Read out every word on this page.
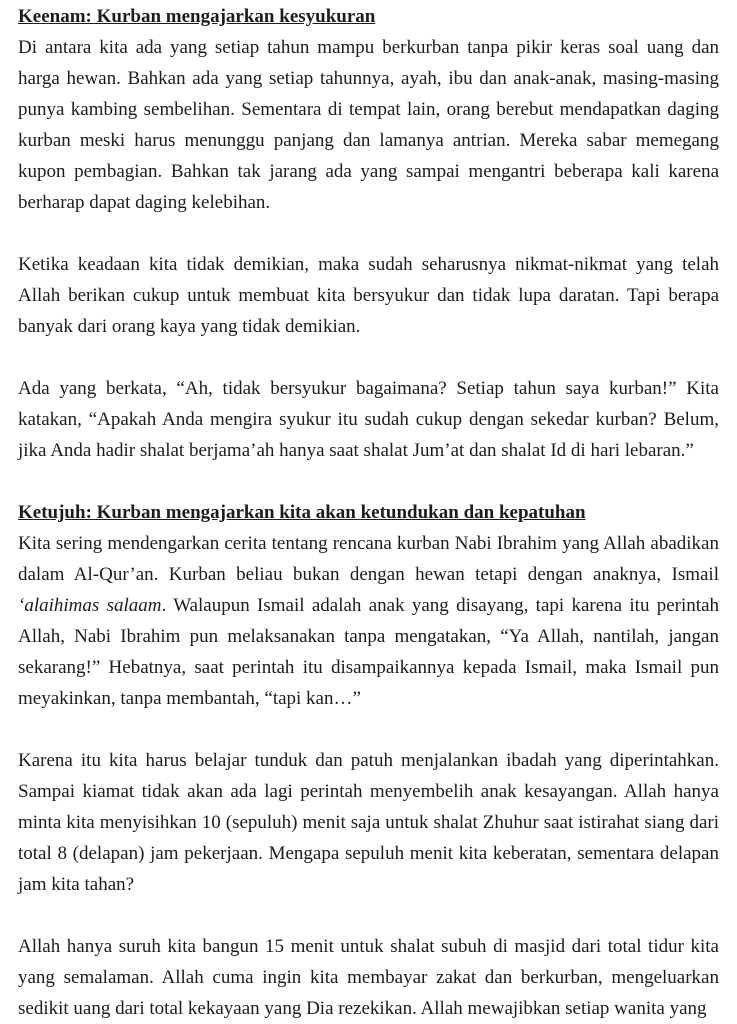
Keenam: Kurban mengajarkan kesyukuran

Di antara kita ada yang setiap tahun mampu berkurban tanpa pikir keras soal uang dan harga hewan. Bahkan ada yang setiap tahunnya, ayah, ibu dan anak-anak, masing-masing punya kambing sembelihan. Sementara di tempat lain, orang berebut mendapatkan daging kurban meski harus menunggu panjang dan lamanya antrian. Mereka sabar memegang kupon pembagian. Bahkan tak jarang ada yang sampai mengantri beberapa kali karena berharap dapat daging kelebihan.

Ketika keadaan kita tidak demikian, maka sudah seharusnya nikmat-nikmat yang telah Allah berikan cukup untuk membuat kita bersyukur dan tidak lupa daratan. Tapi berapa banyak dari orang kaya yang tidak demikian.

Ada yang berkata, “Ah, tidak bersyukur bagaimana? Setiap tahun saya kurban!” Kita katakan, “Apakah Anda mengira syukur itu sudah cukup dengan sekedar kurban? Belum, jika Anda hadir shalat berjama’ah hanya saat shalat Jum’at dan shalat Id di hari lebaran.”

Ketujuh: Kurban mengajarkan kita akan ketundukan dan kepatuhan

Kita sering mendengarkan cerita tentang rencana kurban Nabi Ibrahim yang Allah abadikan dalam Al-Qur’an. Kurban beliau bukan dengan hewan tetapi dengan anaknya, Ismail ‘alaihimas salaam. Walaupun Ismail adalah anak yang disayang, tapi karena itu perintah Allah, Nabi Ibrahim pun melaksanakan tanpa mengatakan, “Ya Allah, nantilah, jangan sekarang!” Hebatnya, saat perintah itu disampaikannya kepada Ismail, maka Ismail pun meyakinkan, tanpa membantah, “tapi kan…”

Karena itu kita harus belajar tunduk dan patuh menjalankan ibadah yang diperintahkan. Sampai kiamat tidak akan ada lagi perintah menyembelih anak kesayangan. Allah hanya minta kita menyisihkan 10 (sepuluh) menit saja untuk shalat Zhuhur saat istirahat siang dari total 8 (delapan) jam pekerjaan. Mengapa sepuluh menit kita keberatan, sementara delapan jam kita tahan?

Allah hanya suruh kita bangun 15 menit untuk shalat subuh di masjid dari total tidur kita yang semalaman. Allah cuma ingin kita membayar zakat dan berkurban, mengeluarkan sedikit uang dari total kekayaan yang Dia rezekikan. Allah mewajibkan setiap wanita yang
